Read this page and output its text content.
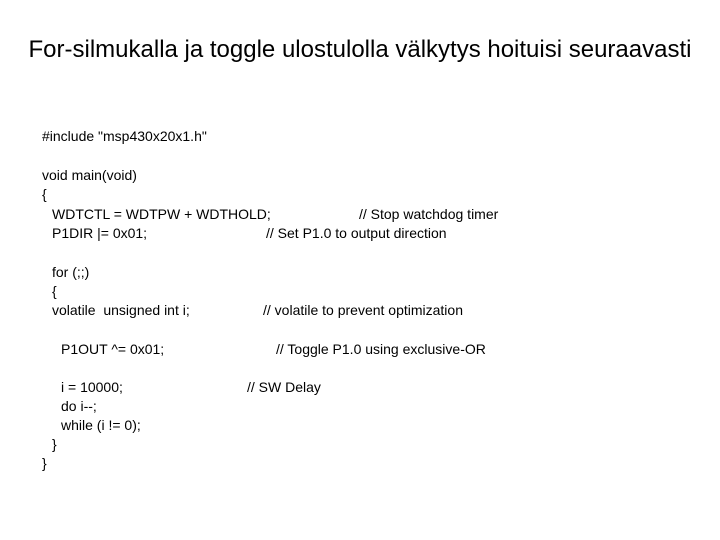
For-silmukalla ja toggle ulostulolla välkytys hoituisi seuraavasti
#include "msp430x20x1.h"
void main(void)
{
WDTCTL = WDTPW + WDTHOLD;	// Stop watchdog timer
P1DIR |= 0x01;	// Set P1.0 to output direction
for (;;)
{
volatile  unsigned int i;	// volatile to prevent optimization
P1OUT ^= 0x01;	// Toggle P1.0 using exclusive-OR
i = 10000;	// SW Delay
do i--;
while (i != 0);
}
}
